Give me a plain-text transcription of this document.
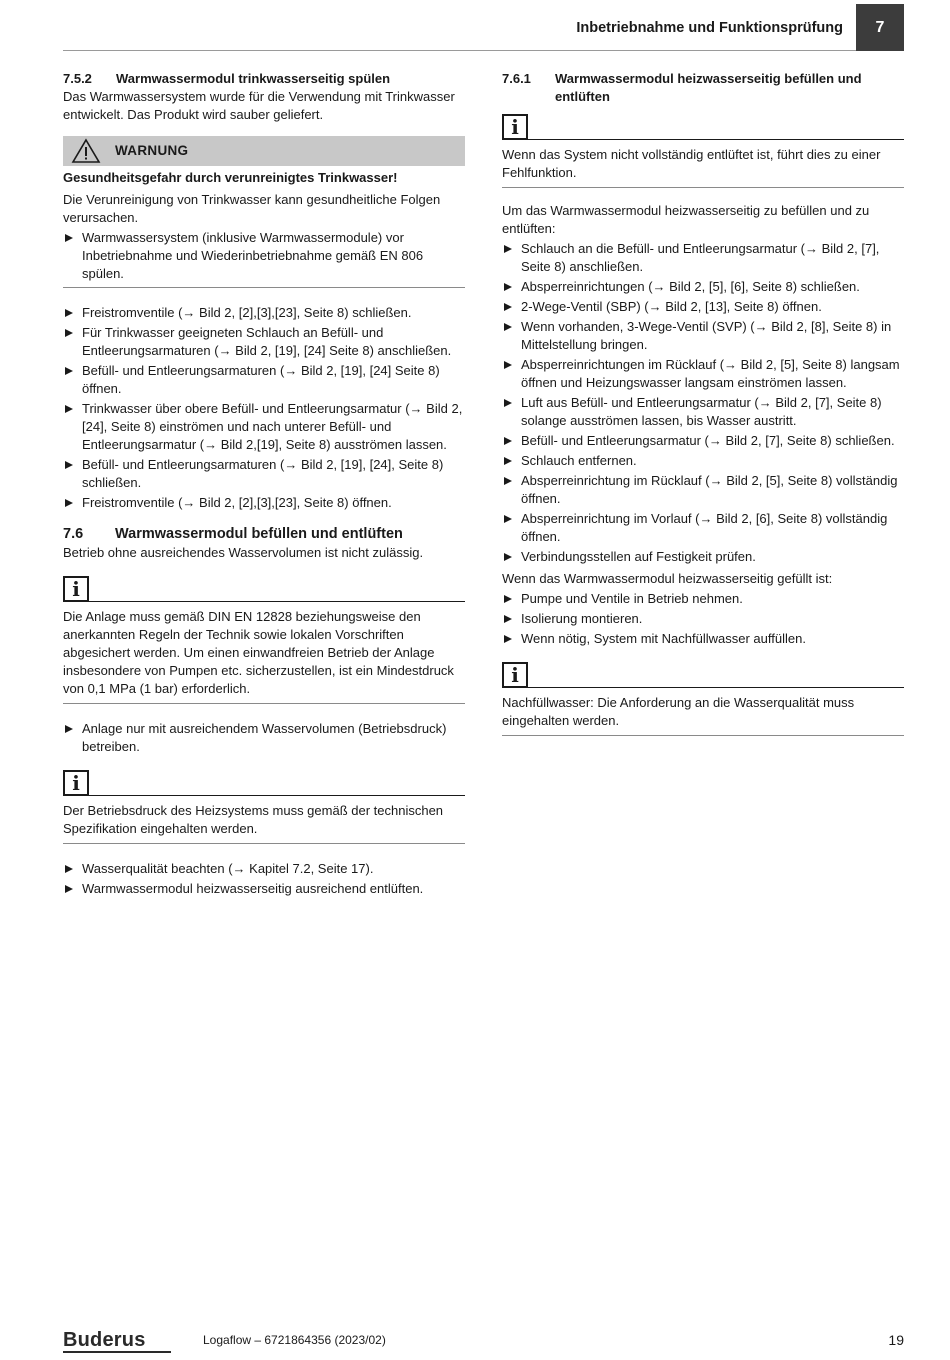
Inbetriebnahme und Funktionsprüfung 7
7.5.2	Warmwassermodul trinkwasserseitig spülen

Das Warmwassersystem wurde für die Verwendung mit Trinkwasser entwickelt. Das Produkt wird sauber geliefert.

WARNUNG

Gesundheitsgefahr durch verunreinigtes Trinkwasser!

Die Verunreinigung von Trinkwasser kann gesundheitliche Folgen verursachen.

Warmwassersystem (inklusive Warmwassermodule) vor Inbetriebnahme und Wiederinbetriebnahme gemäß EN 806 spülen.
Freistromventile (→ Bild 2, [2],[3],[23], Seite 8) schließen.
Für Trinkwasser geeigneten Schlauch an Befüll- und Entleerungsarmaturen (→ Bild 2, [19], [24] Seite 8) anschließen.
Befüll- und Entleerungsarmaturen (→ Bild 2, [19], [24] Seite 8) öffnen.
Trinkwasser über obere Befüll- und Entleerungsarmatur (→ Bild 2,[24], Seite 8) einströmen und nach unterer Befüll- und Entleerungsarmatur (→ Bild 2,[19], Seite 8) ausströmen lassen.
Befüll- und Entleerungsarmaturen (→ Bild 2, [19], [24], Seite 8) schließen.
Freistromventile (→ Bild 2, [2],[3],[23], Seite 8) öffnen.
7.6	Warmwassermodul befüllen und entlüften

Betrieb ohne ausreichendes Wasservolumen ist nicht zulässig.

i

Die Anlage muss gemäß DIN EN 12828 beziehungsweise den anerkannten Regeln der Technik sowie lokalen Vorschriften abgesichert werden. Um einen einwandfreien Betrieb der Anlage insbesondere von Pumpen etc. sicherzustellen, ist ein Mindestdruck von 0,1 MPa (1 bar) erforderlich.

Anlage nur mit ausreichendem Wasservolumen (Betriebsdruck) betreiben.
i

Der Betriebsdruck des Heizsystems muss gemäß der technischen Spezifikation eingehalten werden.

Wasserqualität beachten (→ Kapitel 7.2, Seite 17).
Warmwassermodul heizwasserseitig ausreichend entlüften.
7.6.1	Warmwassermodul heizwasserseitig befüllen und entlüften
i

Wenn das System nicht vollständig entlüftet ist, führt dies zu einer Fehlfunktion.

Um das Warmwassermodul heizwasserseitig zu befüllen und zu entlüften:

Schlauch an die Befüll- und Entleerungsarmatur (→ Bild 2, [7], Seite 8) anschließen.
Absperreinrichtungen (→ Bild 2, [5], [6], Seite 8) schließen.
2-Wege-Ventil (SBP) (→ Bild 2, [13], Seite 8) öffnen.
Wenn vorhanden, 3-Wege-Ventil (SVP) (→ Bild 2, [8], Seite 8) in Mittelstellung bringen.
Absperreinrichtungen im Rücklauf (→ Bild 2, [5], Seite 8) langsam öffnen und Heizungswasser langsam einströmen lassen.
Luft aus Befüll- und Entleerungsarmatur (→ Bild 2, [7], Seite 8) solange ausströmen lassen, bis Wasser austritt.
Befüll- und Entleerungsarmatur (→ Bild 2, [7], Seite 8) schließen.
Schlauch entfernen.
Absperreinrichtung im Rücklauf (→ Bild 2, [5], Seite 8) vollständig öffnen.
Absperreinrichtung im Vorlauf (→ Bild 2, [6], Seite 8) vollständig öffnen.
Verbindungsstellen auf Festigkeit prüfen.

Wenn das Warmwassermodul heizwasserseitig gefüllt ist:

Pumpe und Ventile in Betrieb nehmen.
Isolierung montieren.
Wenn nötig, System mit Nachfüllwasser auffüllen.
i

Nachfüllwasser: Die Anforderung an die Wasserqualität muss eingehalten werden.

Buderus	Logaflow – 6721864356 (2023/02)	19
